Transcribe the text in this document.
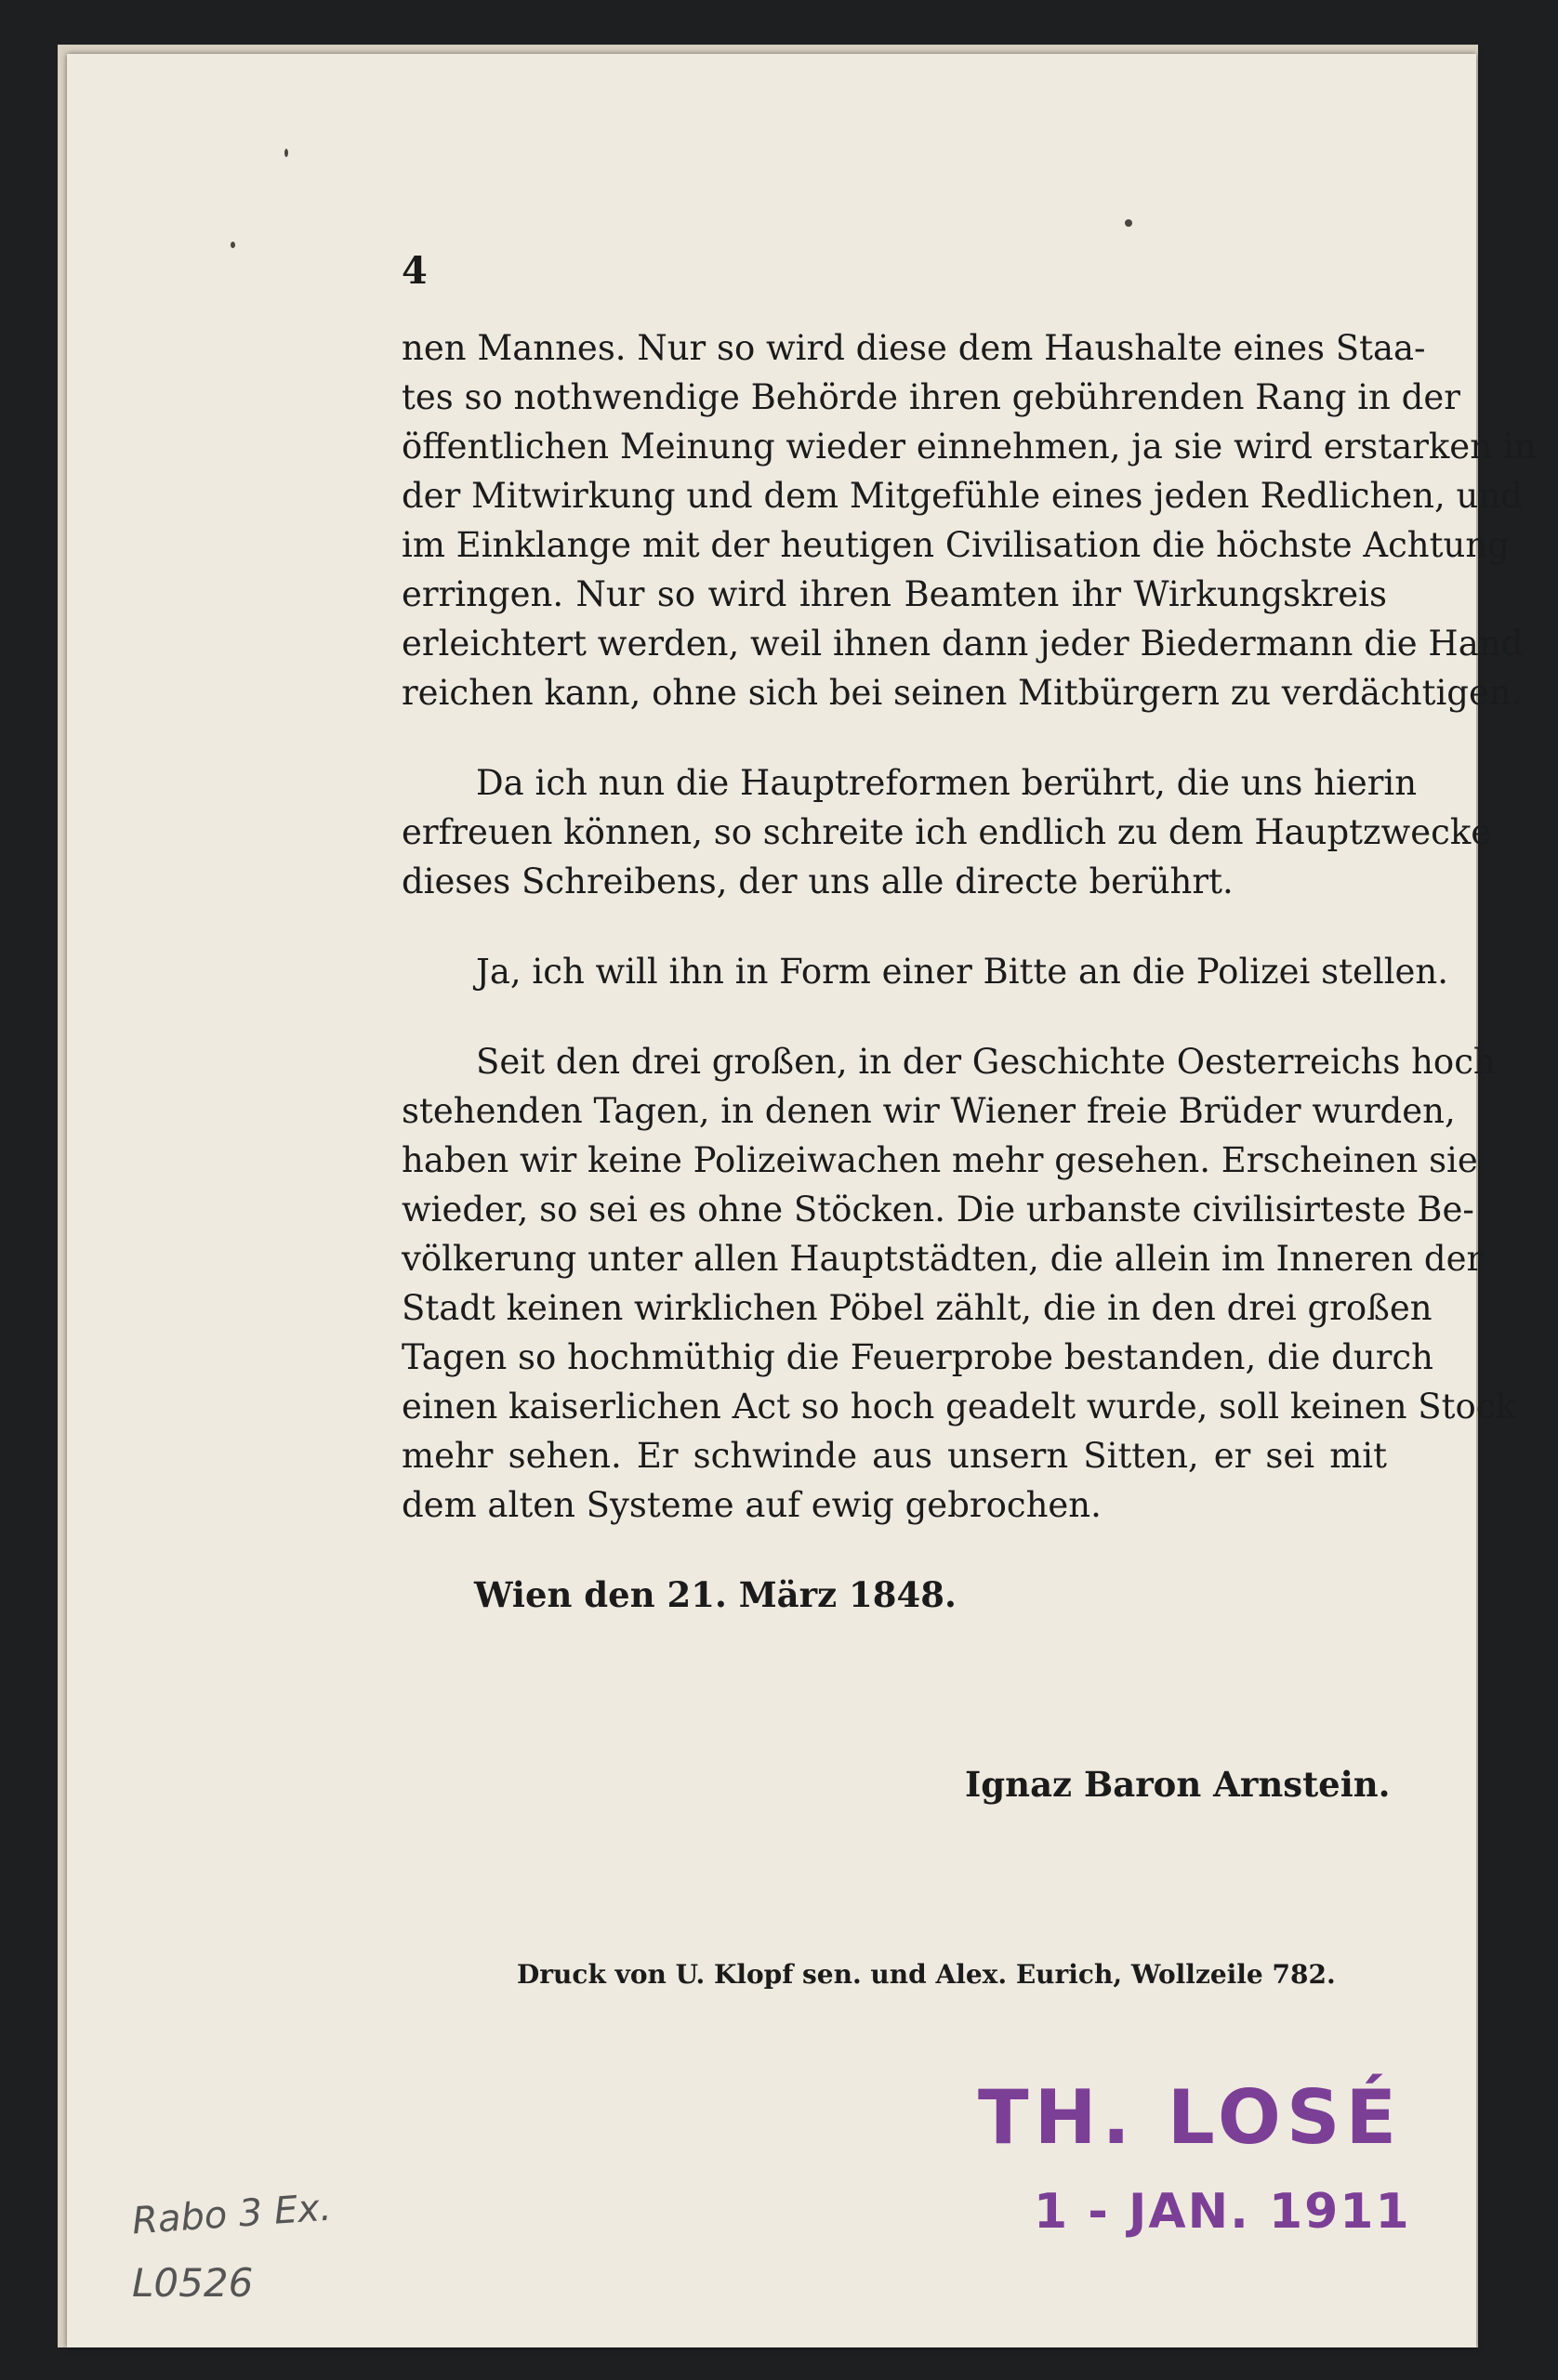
4
nen Mannes. Nur so wird diese dem Haushalte eines Staa-
tes so nothwendige Behörde ihren gebührenden Rang in der
öffentlichen Meinung wieder einnehmen, ja sie wird erstarken in
der Mitwirkung und dem Mitgefühle eines jeden Redlichen, und
im Einklange mit der heutigen Civilisation die höchste Achtung
erringen. Nur so wird ihren Beamten ihr Wirkungskreis
erleichtert werden, weil ihnen dann jeder Biedermann die Hand
reichen kann, ohne sich bei seinen Mitbürgern zu verdächtigen.
Da ich nun die Hauptreformen berührt, die uns hierin
erfreuen können, so schreite ich endlich zu dem Hauptzwecke
dieses Schreibens, der uns alle directe berührt.
Ja, ich will ihn in Form einer Bitte an die Polizei stellen.
Seit den drei großen, in der Geschichte Oesterreichs hoch
stehenden Tagen, in denen wir Wiener freie Brüder wurden,
haben wir keine Polizeiwachen mehr gesehen. Erscheinen sie
wieder, so sei es ohne Stöcken. Die urbanste civilisirteste Be-
völkerung unter allen Hauptstädten, die allein im Inneren der
Stadt keinen wirklichen Pöbel zählt, die in den drei großen
Tagen so hochmüthig die Feuerprobe bestanden, die durch
einen kaiserlichen Act so hoch geadelt wurde, soll keinen Stock
mehr sehen. Er schwinde aus unsern Sitten, er sei mit
dem alten Systeme auf ewig gebrochen.
Wien den 21. März 1848.
Ignaz Baron Arnstein.
Druck von U. Klopf sen. und Alex. Eurich, Wollzeile 782.
TH. LOSÉ
1 - JAN. 1911
Rabo 3 Ex.
L0526
